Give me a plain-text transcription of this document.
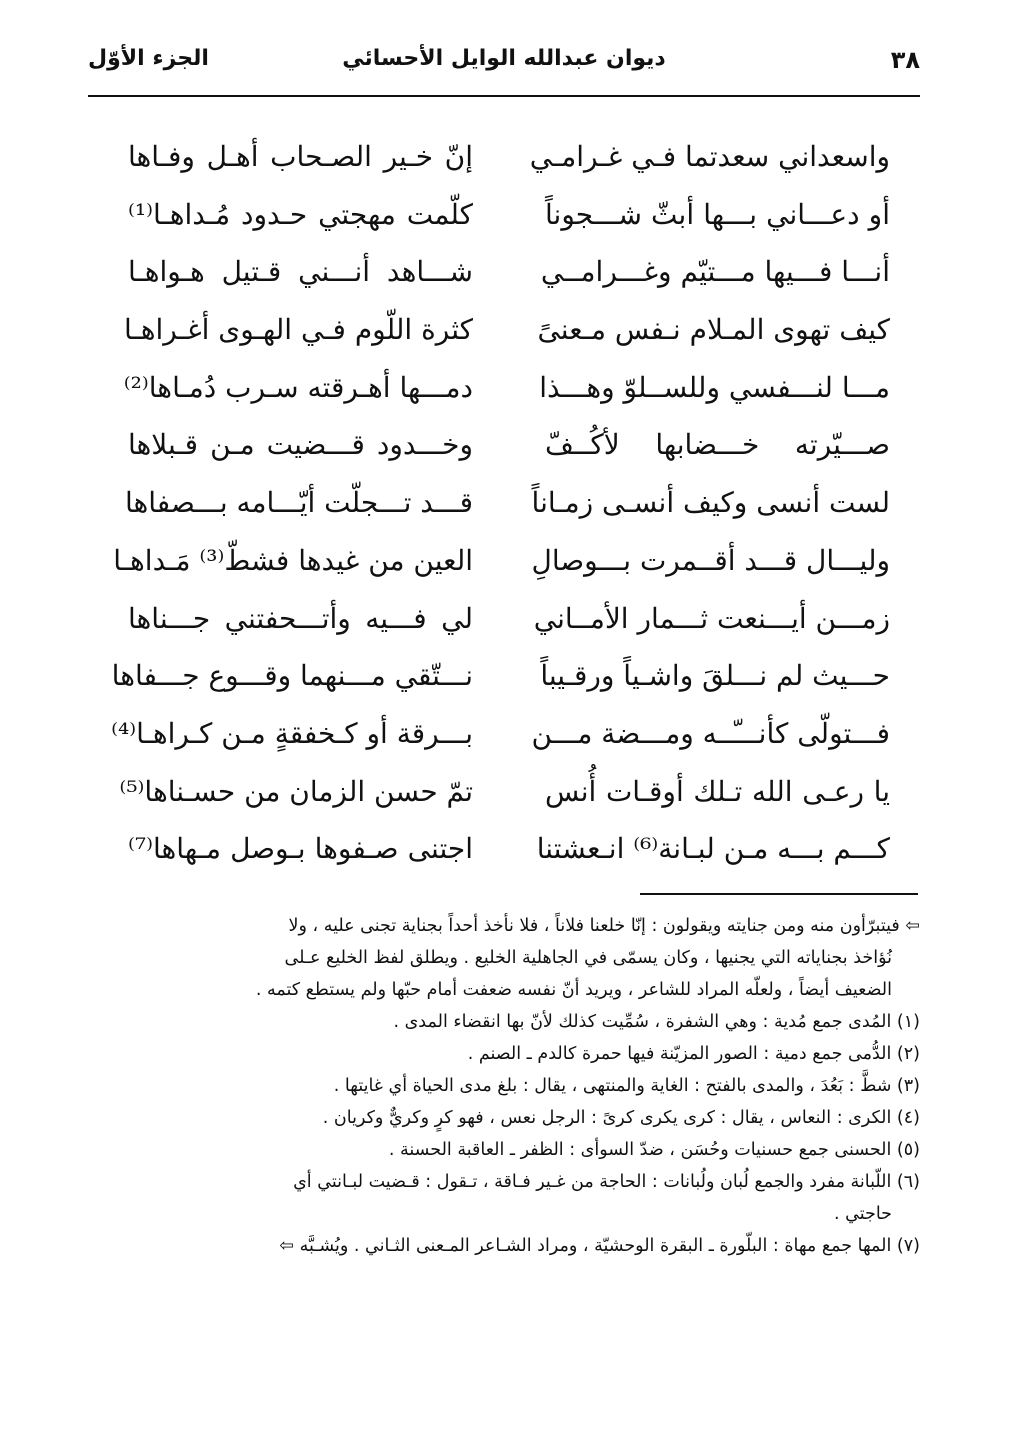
٣٨
ديوان عبدالله الوايل الأحسائي
الجزء الأوّل
واسعداني سعدتما فـي غـرامـي
إنّ خـير الصـحاب أهـل وفـاها
أو دعـــاني بـــها أبثّ شـــجوناً
كلّمت مهجتي حـدود مُـداهـا⁽¹⁾
أنـــا فـــيها مـــتيّم وغـــرامــي
شـــاهد أنـــني قـتيل هـواهـا
كيف تهوى المـلام نـفس مـعنىً
كثرة اللّوم فـي الهـوى أغـراهـا
مـــا لنـــفسي وللســلوّ وهـــذا
دمـــها أهـرقته سـرب دُمـاها⁽²⁾
صـــيّرته خـــضابها لأكُــفّ
وخـــدود قـــضيت مـن قـبلاها
لست أنسى وكيف أنسـى زمـاناً
قـــد تـــجلّت أيّـــامه بـــصفاها
وليـــال قـــد أقــمرت بـــوصالِ
العين من غيدها فشطّ⁽³⁾ مَـداهـا
زمـــن أيـــنعت ثـــمار الأمــاني
لي فـــيه وأتـــحفتني جـــناها
حـــيث لم نـــلقَ واشـياً ورقـيباً
نـــتّقي مـــنهما وقـــوع جـــفاها
فـــتولّى كأنـــّــه ومـــضة مـــن
بـــرقة أو كـخفقةٍ مـن كـراهـا⁽⁴⁾
يا رعـى الله تـلك أوقـات أُنس
تمّ حسن الزمان من حسـناها⁽⁵⁾
كـــم بـــه مـن لبـانة⁽⁶⁾ انـعشتنا
اجتنى صـفوها بـوصل مـهاها⁽⁷⁾
⇦ فيتبرّأون منه ومن جنايته ويقولون : إنّا خلعنا فلاناً ، فلا نأخذ أحداً بجناية تجنى عليه ، ولا
نُؤاخذ بجناياته التي يجنيها ، وكان يسمّى في الجاهلية الخليع . ويطلق لفظ الخليع عـلى
الضعيف أيضاً ، ولعلّه المراد للشاعر ، ويريد أنّ نفسه ضعفت أمام حبّها ولم يستطع كتمه .
(١) المُدى جمع مُدية : وهي الشفرة ، سُمِّيت كذلك لأنّ بها انقضاء المدى .
(٢) الدُّمى جمع دمية : الصور المزيّنة فيها حمرة كالدم ـ الصنم .
(٣) شطَّ : بَعُدَ ، والمدى بالفتح : الغاية والمنتهى ، يقال : بلغ مدى الحياة أي غايتها .
(٤) الكرى : النعاس ، يقال : كرى يكرى كرىً : الرجل نعس ، فهو كرٍ وكريٌّ وكريان .
(٥) الحسنى جمع حسنيات وحُسَن ، ضدّ السوأى : الظفر ـ العاقبة الحسنة .
(٦) اللّبانة مفرد والجمع لُبان ولُبانات : الحاجة من غـير فـاقة ، تـقول : قـضيت لبـانتي أي
حاجتي .
(٧) المها جمع مهاة : البلّورة ـ البقرة الوحشيّة ، ومراد الشـاعر المـعنى الثـاني . ويُشـبَّه ⇦
